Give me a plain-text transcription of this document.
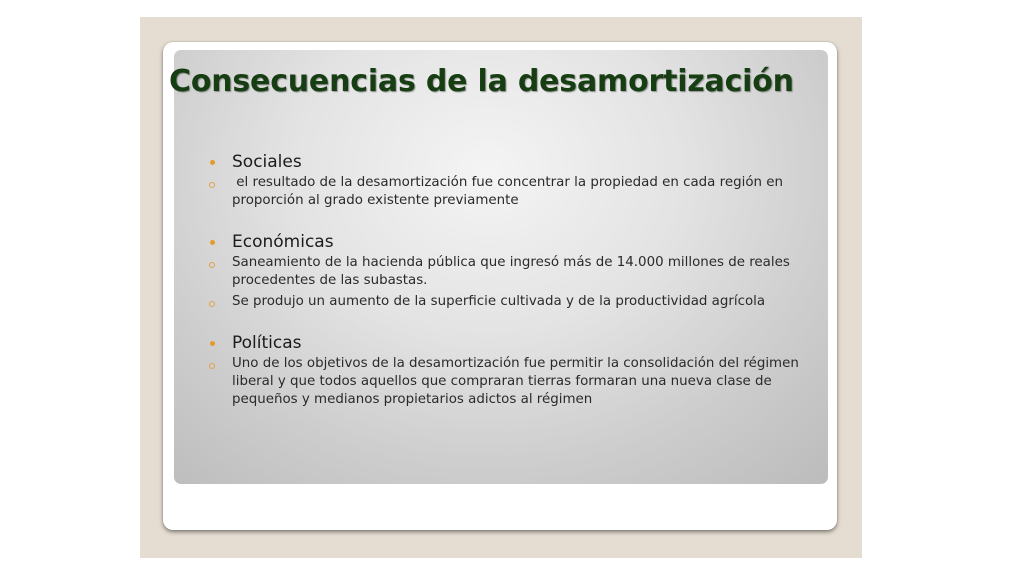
Consecuencias de la desamortización
Sociales
el resultado de la desamortización fue concentrar la propiedad en cada región en proporción al grado existente previamente
Económicas
Saneamiento de la hacienda pública que ingresó más de 14.000 millones de reales procedentes de las subastas.
Se produjo un aumento de la superficie cultivada y de la productividad agrícola
Políticas
Uno de los objetivos de la desamortización fue permitir la consolidación del régimen liberal y que todos aquellos que compraran tierras formaran una nueva clase de pequeños y medianos propietarios adictos al régimen
